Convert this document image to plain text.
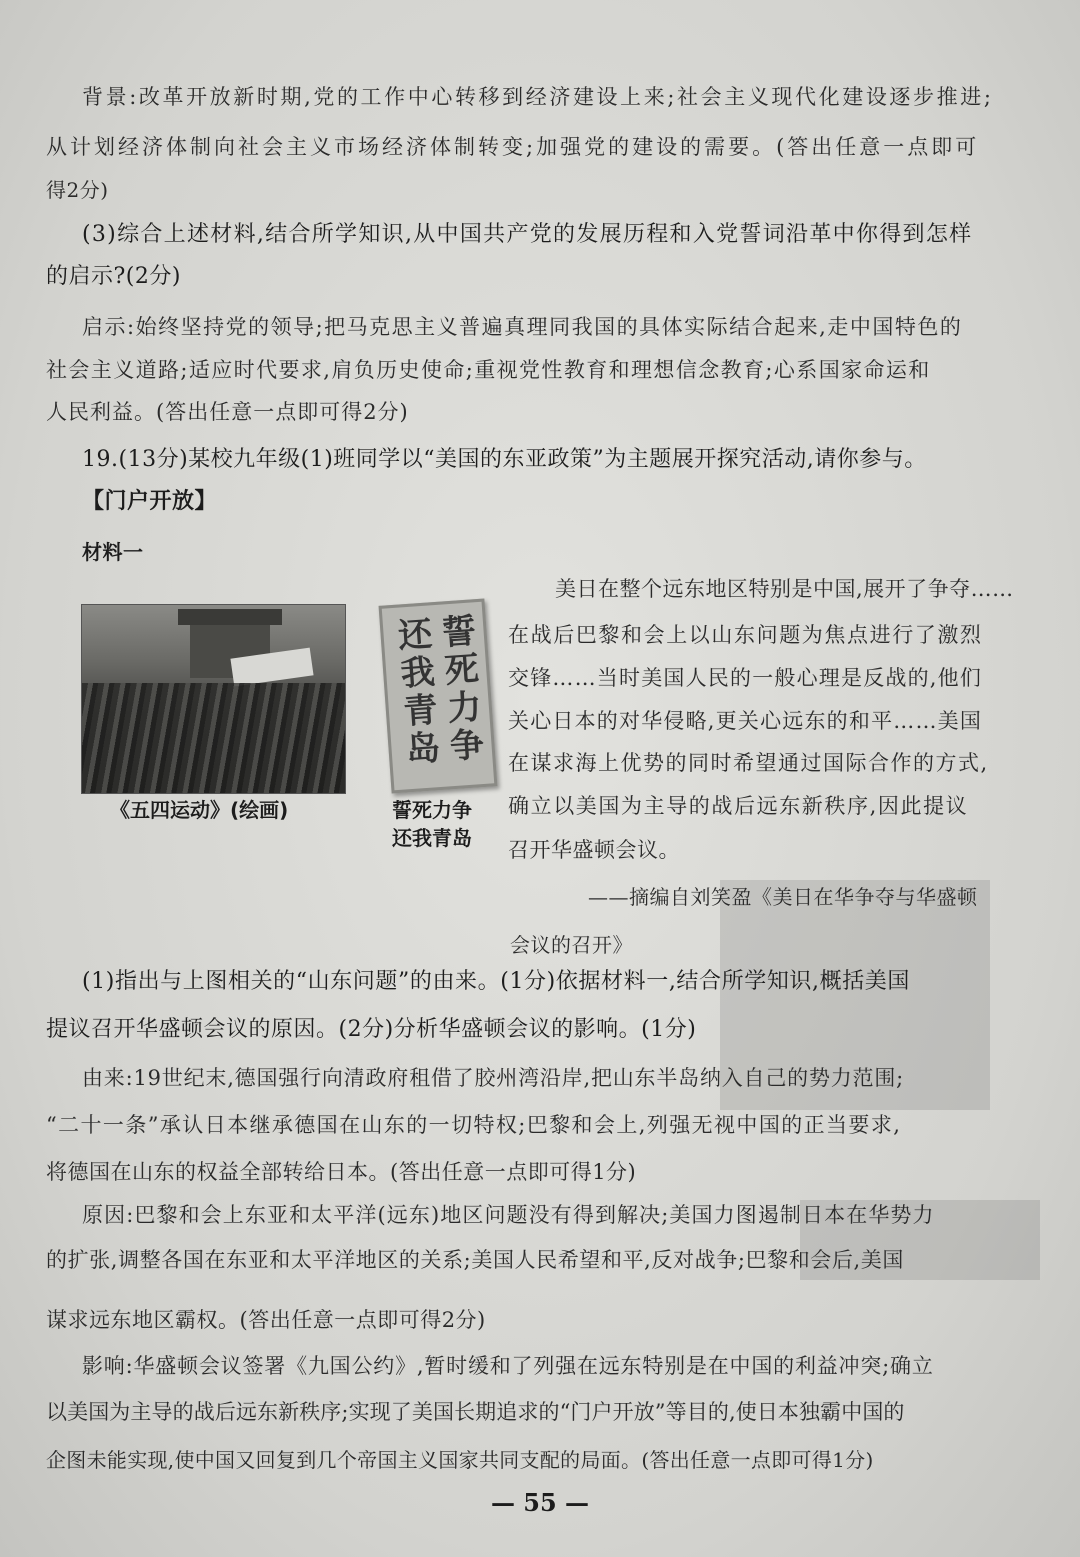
背景:改革开放新时期,党的工作中心转移到经济建设上来;社会主义现代化建设逐步推进;
从计划经济体制向社会主义市场经济体制转变;加强党的建设的需要。(答出任意一点即可
得2分)
(3)综合上述材料,结合所学知识,从中国共产党的发展历程和入党誓词沿革中你得到怎样
的启示?(2分)
启示:始终坚持党的领导;把马克思主义普遍真理同我国的具体实际结合起来,走中国特色的
社会主义道路;适应时代要求,肩负历史使命;重视党性教育和理想信念教育;心系国家命运和
人民利益。(答出任意一点即可得2分)
19.(13分)某校九年级(1)班同学以“美国的东亚政策”为主题展开探究活动,请你参与。
【门户开放】
材料一
《五四运动》(绘画)
誓死力争
还我青岛
誓死力争
还我青岛
美日在整个远东地区特别是中国,展开了争夺……
在战后巴黎和会上以山东问题为焦点进行了激烈
交锋……当时美国人民的一般心理是反战的,他们
关心日本的对华侵略,更关心远东的和平……美国
在谋求海上优势的同时希望通过国际合作的方式,
确立以美国为主导的战后远东新秩序,因此提议
召开华盛顿会议。
——摘编自刘笑盈《美日在华争夺与华盛顿
会议的召开》
(1)指出与上图相关的“山东问题”的由来。(1分)依据材料一,结合所学知识,概括美国
提议召开华盛顿会议的原因。(2分)分析华盛顿会议的影响。(1分)
由来:19世纪末,德国强行向清政府租借了胶州湾沿岸,把山东半岛纳入自己的势力范围;
“二十一条”承认日本继承德国在山东的一切特权;巴黎和会上,列强无视中国的正当要求,
将德国在山东的权益全部转给日本。(答出任意一点即可得1分)
原因:巴黎和会上东亚和太平洋(远东)地区问题没有得到解决;美国力图遏制日本在华势力
的扩张,调整各国在东亚和太平洋地区的关系;美国人民希望和平,反对战争;巴黎和会后,美国
谋求远东地区霸权。(答出任意一点即可得2分)
影响:华盛顿会议签署《九国公约》,暂时缓和了列强在远东特别是在中国的利益冲突;确立
以美国为主导的战后远东新秩序;实现了美国长期追求的“门户开放”等目的,使日本独霸中国的
企图未能实现,使中国又回复到几个帝国主义国家共同支配的局面。(答出任意一点即可得1分)
— 55 —
